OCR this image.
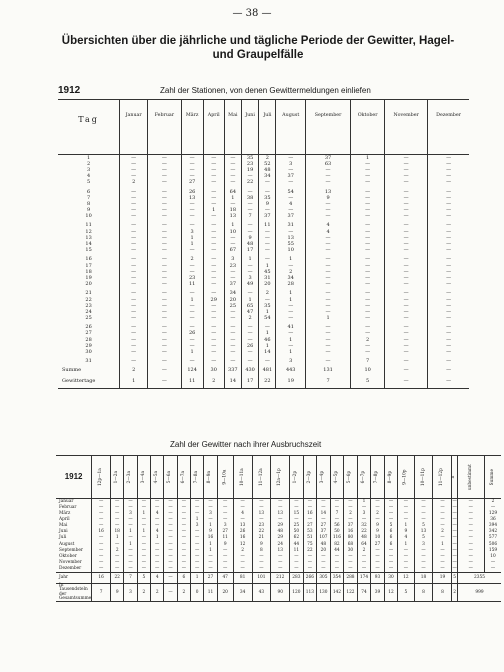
— 38 —
Übersichten über die jährliche und tägliche Periode der Gewitter, Hagel- und Graupelfälle
1912	Zahl der Stationen, von denen Gewittermeldungen einliefen
Tag	Januar	Februar	März	April	Mai	Juni	Juli	August	September	Oktober	November	Dezember
1	—	—	—	—	—	35	2	—	37	1	—	—
2	—	—	—	—	—	23	52	3	63	—	—	—
3	—	—	—	—	—	19	48	—	—	—	—	—
4	—	—	—	—	—	—	34	37	—	—	—	—
5	2	—	27	—	—	22	—	—	—	—	—	—

6	—	—	26	—	64	—	—	54	13	—	—	—
7	—	—	13	—	1	38	35	—	9	—	—	—
8	—	—	—	—	—	—	9	4	—	—	—	—
9	—	—	—	1	18	—	—	—	—	—	—	—
10	—	—	—	—	13	7	37	37	—	—	—	—

11	—	—	—	—	1	—	11	31	4	—	—	—
12	—	—	3	—	10	—	—	—	4	—	—	—
13	—	—	1	—	—	9	—	13	—	—	—	—
14	—	—	1	—	—	48	—	55	—	—	—	—
15	—	—	—	—	67	17	—	10	—	—	—	—

16	—	—	2	—	3	1	—	1	—	—	—	—
17	—	—	—	—	23	—	1	—	—	—	—	—
18	—	—	—	—	—	—	45	2	—	—	—	—
19	—	—	23	—	—	3	31	34	—	—	—	—
20	—	—	11	—	37	49	20	28	—	—	—	—

21	—	—	—	—	34	—	2	1	—	—	—	—
22	—	—	1	29	20	1	—	1	—	—	—	—
23	—	—	—	—	25	65	35	—	—	—	—	—
24	—	—	—	—	—	47	1	—	—	—	—	—
25	—	—	—	—	—	2	54	—	1	—	—	—

26	—	—	—	—	—	—	—	41	—	—	—	—
27	—	—	26	—	—	—	1	—	—	—	—	—
28	—	—	—	—	—	—	46	1	—	2	—	—
29	—	—	—	—	—	26	1	—	—	—	—	—
30	—	—	1	—	—	—	14	1	—	—	—	—

31	—	—	—	—	—	—	—	3	—	7	—	—
Summe	2	—	124	30	337	430	481	443	131	10	—	—
Gewittertage	1	—	11	2	14	17	22	19	7	5	—	—
Zahl der Gewitter nach ihrer Ausbruchszeit
1912	12p—1a	1—2a	2—3a	3—4a	4—5a	5—6a	6—7a	7—8a	8—9a	9—10a	10—11a	11—12a	12a—1p	1—2p	2—3p	3—4p	4—5p	5—6p	6—7p	7—8p	8—9p	9—10p	10—11p	11—12p	n	unbestimmt	Summe
Januar	—	—	—	—	—	—	—	—	—	—	—	—	—	—	—	—	—	—	1	—	—	—	—	—	—	—	2
Februar	—	—	—	—	—	—	—	—	—	—	—	—	—	—	—	—	—	—	—	—	—	—	—	—	—	—	—
März	—	—	3	1	4	—	—	—	3	—	4	13	13	15	16	14	7	2	3	2	—	—	—	—	—	—	129
April	—	—	—	—	—	—	—	1	—	—	—	—	—	—	—	—	—	—	—	—	—	—	—	—	—	—	36
Mai	—	—	—	—	—	—	—	3	1	3	13	23	29	25	27	27	56	37	32	9	5	1	5	—	—	—	394
Juni	16	18	1	1	4	—	—	—	9	27	26	22	48	50	53	37	50	16	22	9	6	9	13	2	—	—	342
Juli	—	1	—	—	1	—	—	—	16	11	16	21	29	62	51	107	116	80	48	10	6	4	5	—	—	—	577
August	—	—	1	—	—	—	—	—	1	9	12	9	24	44	75	48	82	68	64	27	6	1	3	1	—	—	506
September	—	2	—	—	—	—	—	—	1	—	2	8	13	11	22	20	44	30	2	—	—	—	—	—	—	—	159
Oktober	—	—	—	—	—	—	—	—	—	—	—	—	—	—	—	—	—	—	—	—	—	—	—	—	—	—	10
November	—	—	—	—	—	—	—	—	—	—	—	—	—	—	—	—	—	—	—	—	—	—	—	—	—	—	—
Dezember	—	—	—	—	—	—	—	—	—	—	—	—	—	—	—	—	—	—	—	—	—	—	—	—	—	—	—
Jahr	16	22	7	5	4	—	6	1	27	47	81	101	212	283	266	305	354	288	174	93	30	12	18	19	5	2355	
In Tausendsteln der Gesamtsumme	7	9	3	2	2	—	2	0	11	20	34	43	90	120	113	130	142	122	74	39	12	5	8	8	2	999	
